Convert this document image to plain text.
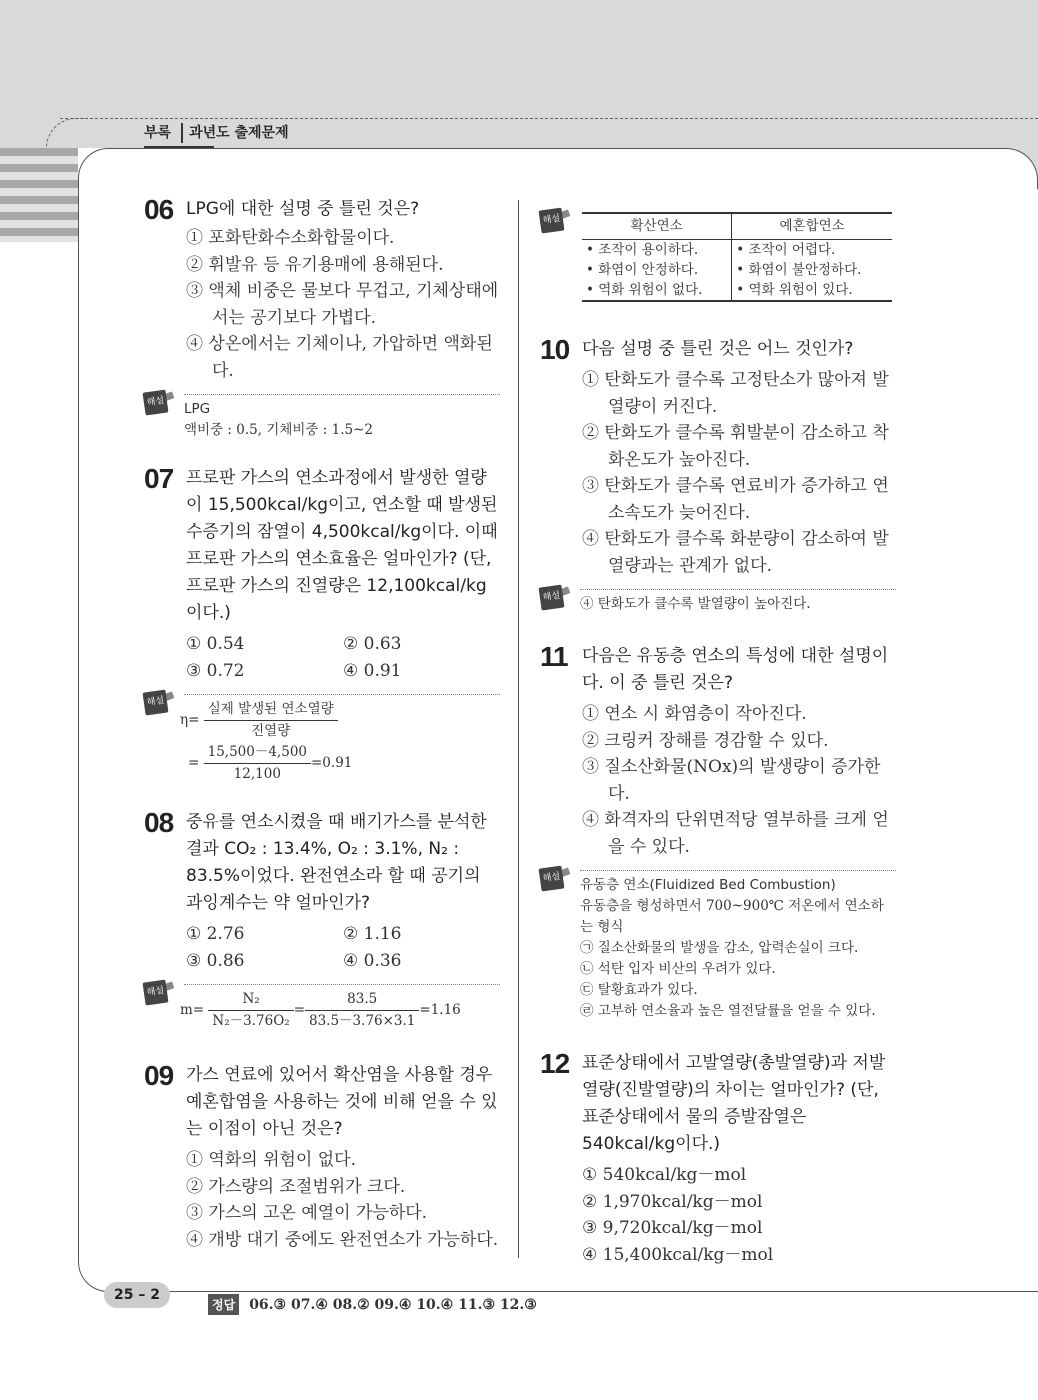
부록 과년도 출제문제
06 LPG에 대한 설명 중 틀린 것은?
① 포화탄화수소화합물이다.
② 휘발유 등 유기용매에 용해된다.
③ 액체 비중은 물보다 무겁고, 기체상태에서는 공기보다 가볍다.
④ 상온에서는 기체이나, 가압하면 액화된다.
해설	LPG
액비중 : 0.5, 기체비중 : 1.5~2
07 프로판 가스의 연소과정에서 발생한 열량이 15,500kcal/kg이고, 연소할 때 발생된 수증기의 잠열이 4,500kcal/kg이다. 이때 프로판 가스의 연소효율은 얼마인가? (단, 프로판 가스의 진열량은 12,100kcal/kg이다.)
① 0.54	② 0.63
③ 0.72	④ 0.91
해설
$\eta= \frac{\text{실제 발생된 연소열량}}{\text{진열량}}$
= $\frac{15,500-4,500}{12,100} =0.91$
08 중유를 연소시켰을 때 배기가스를 분석한 결과 CO₂ : 13.4%, O₂ : 3.1%, N₂ : 83.5%이었다. 완전연소라 할 때 공기의 과잉계수는 약 얼마인가?
① 2.76	② 1.16
③ 0.86	④ 0.36
해설
$m= \frac{\text{N₂}}{\text{N₂－3.76O₂}} = \frac{83.5}{83.5-3.76\times 3.1} =1.16$
09 가스 연료에 있어서 확산염을 사용할 경우 예혼합염을 사용하는 것에 비해 얻을 수 있는 이점이 아닌 것은?
① 역화의 위험이 없다.
② 가스량의 조절범위가 크다.
③ 가스의 고온 예열이 가능하다.
④ 개방 대기 중에도 완전연소가 가능하다.
해설	확산연소	예혼합연소
• 조작이 용이하다.	• 조작이 어렵다.
• 화염이 안정하다.	• 화염이 불안정하다.
• 역화 위험이 없다.	• 역화 위험이 있다.
10 다음 설명 중 틀린 것은 어느 것인가?
① 탄화도가 클수록 고정탄소가 많아져 발열량이 커진다.
② 탄화도가 클수록 휘발분이 감소하고 착화온도가 높아진다.
③ 탄화도가 클수록 연료비가 증가하고 연소속도가 늦어진다.
④ 탄화도가 클수록 화분량이 감소하여 발열량과는 관계가 없다.
해설	④ 탄화도가 클수록 발열량이 높아진다.
11 다음은 유동층 연소의 특성에 대한 설명이다. 이 중 틀린 것은?
① 연소 시 화염층이 작아진다.
② 크링커 장해를 경감할 수 있다.
③ 질소산화물(NOx)의 발생량이 증가한다.
④ 화격자의 단위면적당 열부하를 크게 얻을 수 있다.
해설	유동층 연소(Fluidized Bed Combustion)
유동층을 형성하면서 700~900℃ 저온에서 연소하는 형식
㉠ 질소산화물의 발생을 감소, 압력손실이 크다.
㉡ 석탄 입자 비산의 우려가 있다.
㉢ 탈황효과가 있다.
㉣ 고부하 연소율과 높은 열전달률을 얻을 수 있다.
12 표준상태에서 고발열량(총발열량)과 저발열량(진발열량)의 차이는 얼마인가? (단, 표준상태에서 물의 증발잠열은 540kcal/kg이다.)
① 540kcal/kg－mol
② 1,970kcal/kg－mol
③ 9,720kcal/kg－mol
④ 15,400kcal/kg－mol
25 – 2
정답 06.③ 07.④ 08.② 09.④ 10.④ 11.③ 12.③
